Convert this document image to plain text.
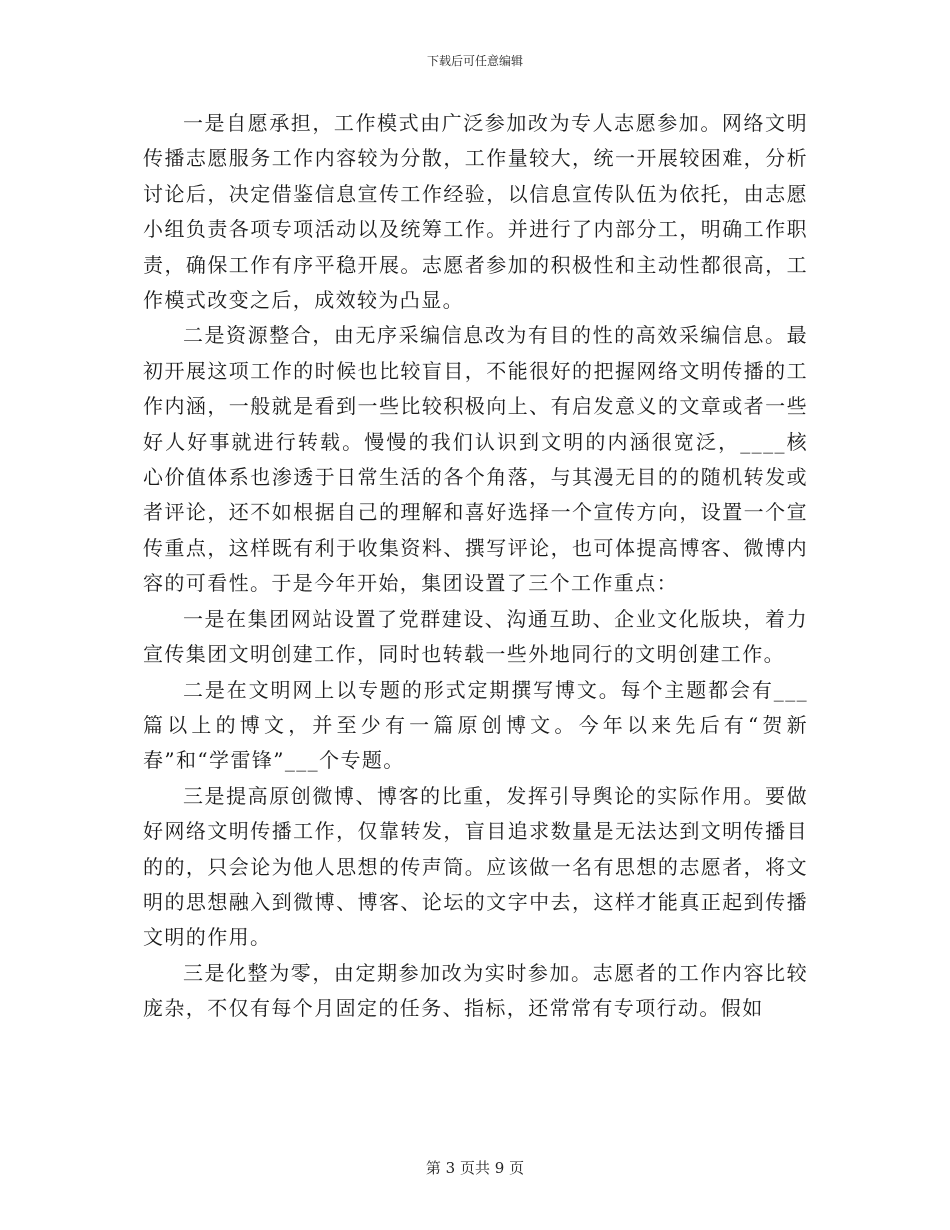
下载后可任意编辑

一是自愿承担，工作模式由广泛参加改为专人志愿参加。网络文明传播志愿服务工作内容较为分散，工作量较大，统一开展较困难，分析讨论后，决定借鉴信息宣传工作经验，以信息宣传队伍为依托，由志愿小组负责各项专项活动以及统筹工作。并进行了内部分工，明确工作职责，确保工作有序平稳开展。志愿者参加的积极性和主动性都很高，工作模式改变之后，成效较为凸显。

二是资源整合，由无序采编信息改为有目的性的高效采编信息。最初开展这项工作的时候也比较盲目，不能很好的把握网络文明传播的工作内涵，一般就是看到一些比较积极向上、有启发意义的文章或者一些好人好事就进行转载。慢慢的我们认识到文明的内涵很宽泛，____核心价值体系也渗透于日常生活的各个角落，与其漫无目的的随机转发或者评论，还不如根据自己的理解和喜好选择一个宣传方向，设置一个宣传重点，这样既有利于收集资料、撰写评论，也可体提高博客、微博内容的可看性。于是今年开始，集团设置了三个工作重点：

一是在集团网站设置了党群建设、沟通互助、企业文化版块，着力宣传集团文明创建工作，同时也转载一些外地同行的文明创建工作。

二是在文明网上以专题的形式定期撰写博文。每个主题都会有___篇以上的博文，并至少有一篇原创博文。今年以来先后有“贺新春”和“学雷锋”___个专题。

三是提高原创微博、博客的比重，发挥引导舆论的实际作用。要做好网络文明传播工作，仅靠转发，盲目追求数量是无法达到文明传播目的的，只会论为他人思想的传声筒。应该做一名有思想的志愿者，将文明的思想融入到微博、博客、论坛的文字中去，这样才能真正起到传播文明的作用。

三是化整为零，由定期参加改为实时参加。志愿者的工作内容比较庞杂，不仅有每个月固定的任务、指标，还常常有专项行动。假如

第 3 页共 9 页
